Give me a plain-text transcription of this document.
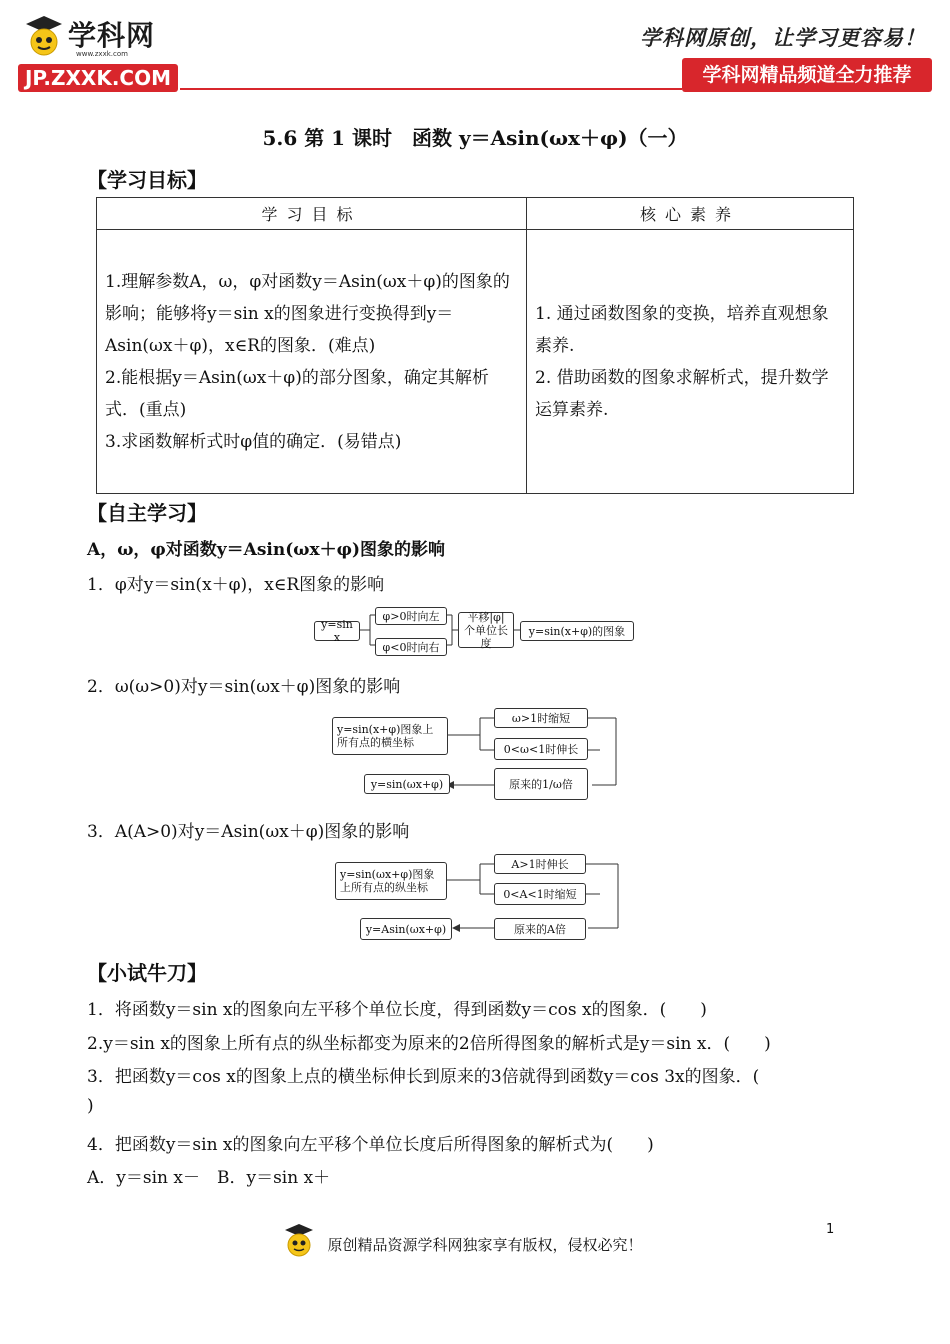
学科网
www.zxxk.com
JP.ZXXK.COM
学科网原创，让学习更容易！
学科网精品频道全力推荐
5.6 第 1 课时　函数 y＝Asin(ωx＋φ)（一）
【学习目标】
学习目标	核心素养

1.理解参数A，ω，φ对函数y＝Asin(ωx＋φ)的图象的影响；能够将y＝sin x的图象进行变换得到y＝Asin(ωx＋φ)，x∈R的图象．(难点)
2.能根据y＝Asin(ωx＋φ)的部分图象，确定其解析式．(重点)
3.求函数解析式时φ值的确定．(易错点)	1. 通过函数图象的变换，培养直观想象素养.
2. 借助函数的图象求解析式，提升数学运算素养.
【自主学习】
A，ω，φ对函数y＝Asin(ωx＋φ)图象的影响
1．φ对y＝sin(x＋φ)，x∈R图象的影响
y=sin x
φ>0时向左
φ<0时向右
平移|φ|个单位长度
y=sin(x+φ)的图象
2．ω(ω>0)对y＝sin(ωx＋φ)图象的影响
y=sin(x+φ)图象上所有点的横坐标
ω>1时缩短
0<ω<1时伸长
原来的1/ω倍
y=sin(ωx+φ)
3．A(A>0)对y＝Asin(ωx＋φ)图象的影响
y=sin(ωx+φ)图象上所有点的纵坐标
A>1时伸长
0<A<1时缩短
原来的A倍
y=Asin(ωx+φ)
【小试牛刀】
1．将函数y＝sin x的图象向左平移个单位长度，得到函数y＝cos x的图象．(　　)
2.y＝sin x的图象上所有点的纵坐标都变为原来的2倍所得图象的解析式是y＝sin x．(　　)
3．把函数y＝cos x的图象上点的横坐标伸长到原来的3倍就得到函数y＝cos 3x的图象．(
)
4．把函数y＝sin x的图象向左平移个单位长度后所得图象的解析式为(　　)
A．y＝sin x－　B．y＝sin x＋
1
原创精品资源学科网独家享有版权，侵权必究！
